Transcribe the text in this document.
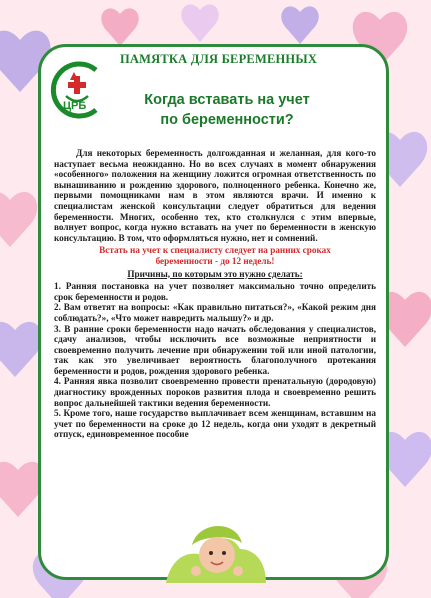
ЦРБ
ПАМЯТКА ДЛЯ БЕРЕМЕННЫХ
Когда вставать на учет
по беременности?

Для некоторых беременность долгожданная и желанная, для кого-то наступает весьма неожиданно. Но во всех случаях в момент обнаружения «особенного» положения на женщину ложится огромная ответственность по вынашиванию и рождению здорового, полноценного ребенка. Конечно же, первыми помощниками нам в этом являются врачи. И именно к специалистам женской консультации следует обратиться для ведения беременности. Многих, особенно тех, кто столкнулся с этим впервые, волнует вопрос, когда нужно вставать на учет по беременности в женскую консультацию. В том, что оформляться нужно, нет и сомнений.

Встать на учет к специалисту следует на ранних сроках
беременности - до 12 недель!
Причины, по которым это нужно сделать:

1. Ранняя постановка на учет позволяет максимально точно определить срок беременности и родов.

2. Вам ответят на вопросы: «Как правильно питаться?», «Какой режим дня соблюдать?», «Что может навредить малышу?» и др.

3. В ранние сроки беременности надо начать обследования у специалистов, сдачу анализов, чтобы исключить все возможные неприятности и своевременно получить лечение при обнаружении той или иной патологии, так как это увеличивает вероятность благополучного протекания беременности и родов, рождения здорового ребенка.

4. Ранняя явка позволит своевременно провести пренатальную (дородовую) диагностику врожденных пороков развития плода и своевременно решить вопрос дальнейшей тактики ведения беременности.

5. Кроме того, наше государство выплачивает всем женщинам, вставшим на учет по беременности на сроке до 12 недель, когда они уходят в декретный отпуск, единовременное пособие
